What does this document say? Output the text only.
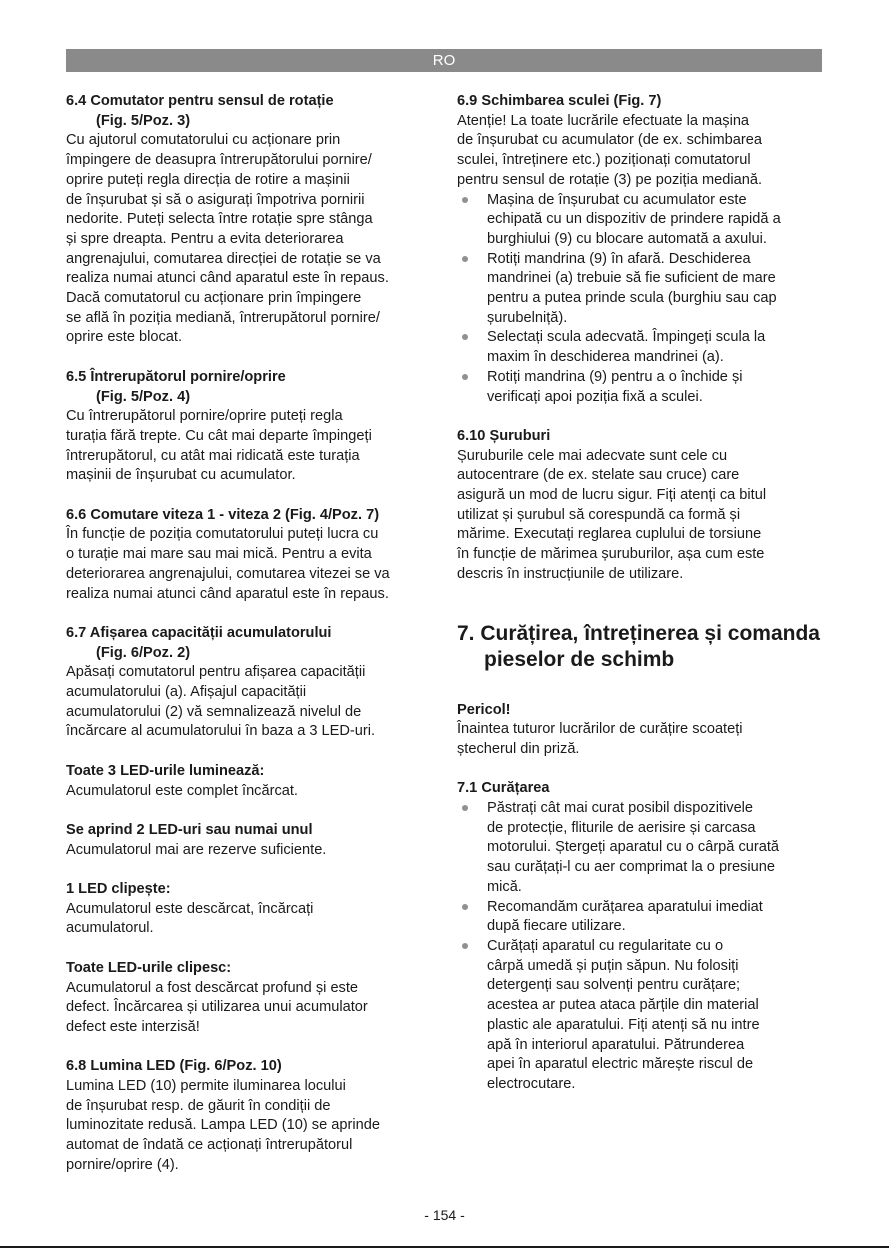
RO
6.4 Comutator pentru sensul de rotație
(Fig. 5/Poz. 3)

Cu ajutorul comutatorului cu acționare prin
împingere de deasupra întrerupătorului pornire/
oprire puteți regla direcția de rotire a mașinii
de înșurubat și să o asigurați împotriva pornirii
nedorite. Puteți selecta între rotație spre stânga
și spre dreapta. Pentru a evita deteriorarea
angrenajului, comutarea direcției de rotație se va
realiza numai atunci când aparatul este în repaus.
Dacă comutatorul cu acționare prin împingere
se află în poziția mediană, întrerupătorul pornire/
oprire este blocat.

6.5 Întrerupătorul pornire/oprire
(Fig. 5/Poz. 4)

Cu întrerupătorul pornire/oprire puteți regla
turația fără trepte. Cu cât mai departe împingeți
întrerupătorul, cu atât mai ridicată este turația
mașinii de înșurubat cu acumulator.

6.6 Comutare viteza 1 - viteza 2 (Fig. 4/Poz. 7)

În funcție de poziția comutatorului puteți lucra cu
o turație mai mare sau mai mică. Pentru a evita
deteriorarea angrenajului, comutarea vitezei se va
realiza numai atunci când aparatul este în repaus.

6.7 Afișarea capacității acumulatorului
(Fig. 6/Poz. 2)

Apăsați comutatorul pentru afișarea capacității
acumulatorului (a). Afișajul capacității
acumulatorului (2) vă semnalizează nivelul de
încărcare al acumulatorului în baza a 3 LED-uri.

Toate 3 LED-urile luminează:

Acumulatorul este complet încărcat.

Se aprind 2 LED-uri sau numai unul

Acumulatorul mai are rezerve suficiente.

1 LED clipește:

Acumulatorul este descărcat, încărcați
acumulatorul.

Toate LED-urile clipesc:

Acumulatorul a fost descărcat profund și este
defect. Încărcarea și utilizarea unui acumulator
defect este interzisă!

6.8 Lumina LED (Fig. 6/Poz. 10)

Lumina LED (10) permite iluminarea locului
de înșurubat resp. de găurit în condiții de
luminozitate redusă. Lampa LED (10) se aprinde
automat de îndată ce acționați întrerupătorul
pornire/oprire (4).

6.9 Schimbarea sculei (Fig. 7)

Atenție! La toate lucrările efectuate la mașina
de înșurubat cu acumulator (de ex. schimbarea
sculei, întreținere etc.) poziționați comutatorul
pentru sensul de rotație (3) pe poziția mediană.

Mașina de înșurubat cu acumulator este
echipată cu un dispozitiv de prindere rapidă a
burghiului (9) cu blocare automată a axului.
Rotiți mandrina (9) în afară. Deschiderea
mandrinei (a) trebuie să fie suficient de mare
pentru a putea prinde scula (burghiu sau cap
șurubelniță).
Selectați scula adecvată. Împingeți scula la
maxim în deschiderea mandrinei (a).
Rotiți mandrina (9) pentru a o închide și
verificați apoi poziția fixă a sculei.
6.10 Șuruburi

Șuruburile cele mai adecvate sunt cele cu
autocentrare (de ex. stelate sau cruce) care
asigură un mod de lucru sigur. Fiți atenți ca bitul
utilizat și șurubul să corespundă ca formă și
mărime. Executați reglarea cuplului de torsiune
în funcție de mărimea șuruburilor, așa cum este
descris în instrucțiunile de utilizare.

7. Curățirea, întreținerea și comanda
pieselor de schimb
Pericol!

Înaintea tuturor lucrărilor de curățire scoateți
ștecherul din priză.

7.1 Curățarea
Păstrați cât mai curat posibil dispozitivele
de protecție, fliturile de aerisire și carcasa
motorului. Ștergeți aparatul cu o cârpă curată
sau curățați-l cu aer comprimat la o presiune
mică.
Recomandăm curățarea aparatului imediat
după fiecare utilizare.
Curățați aparatul cu regularitate cu o
cârpă umedă și puțin săpun. Nu folosiți
detergenți sau solvenți pentru curățare;
acestea ar putea ataca părțile din material
plastic ale aparatului. Fiți atenți să nu intre
apă în interiorul aparatului. Pătrunderea
apei în aparatul electric mărește riscul de
electrocutare.
- 154 -
